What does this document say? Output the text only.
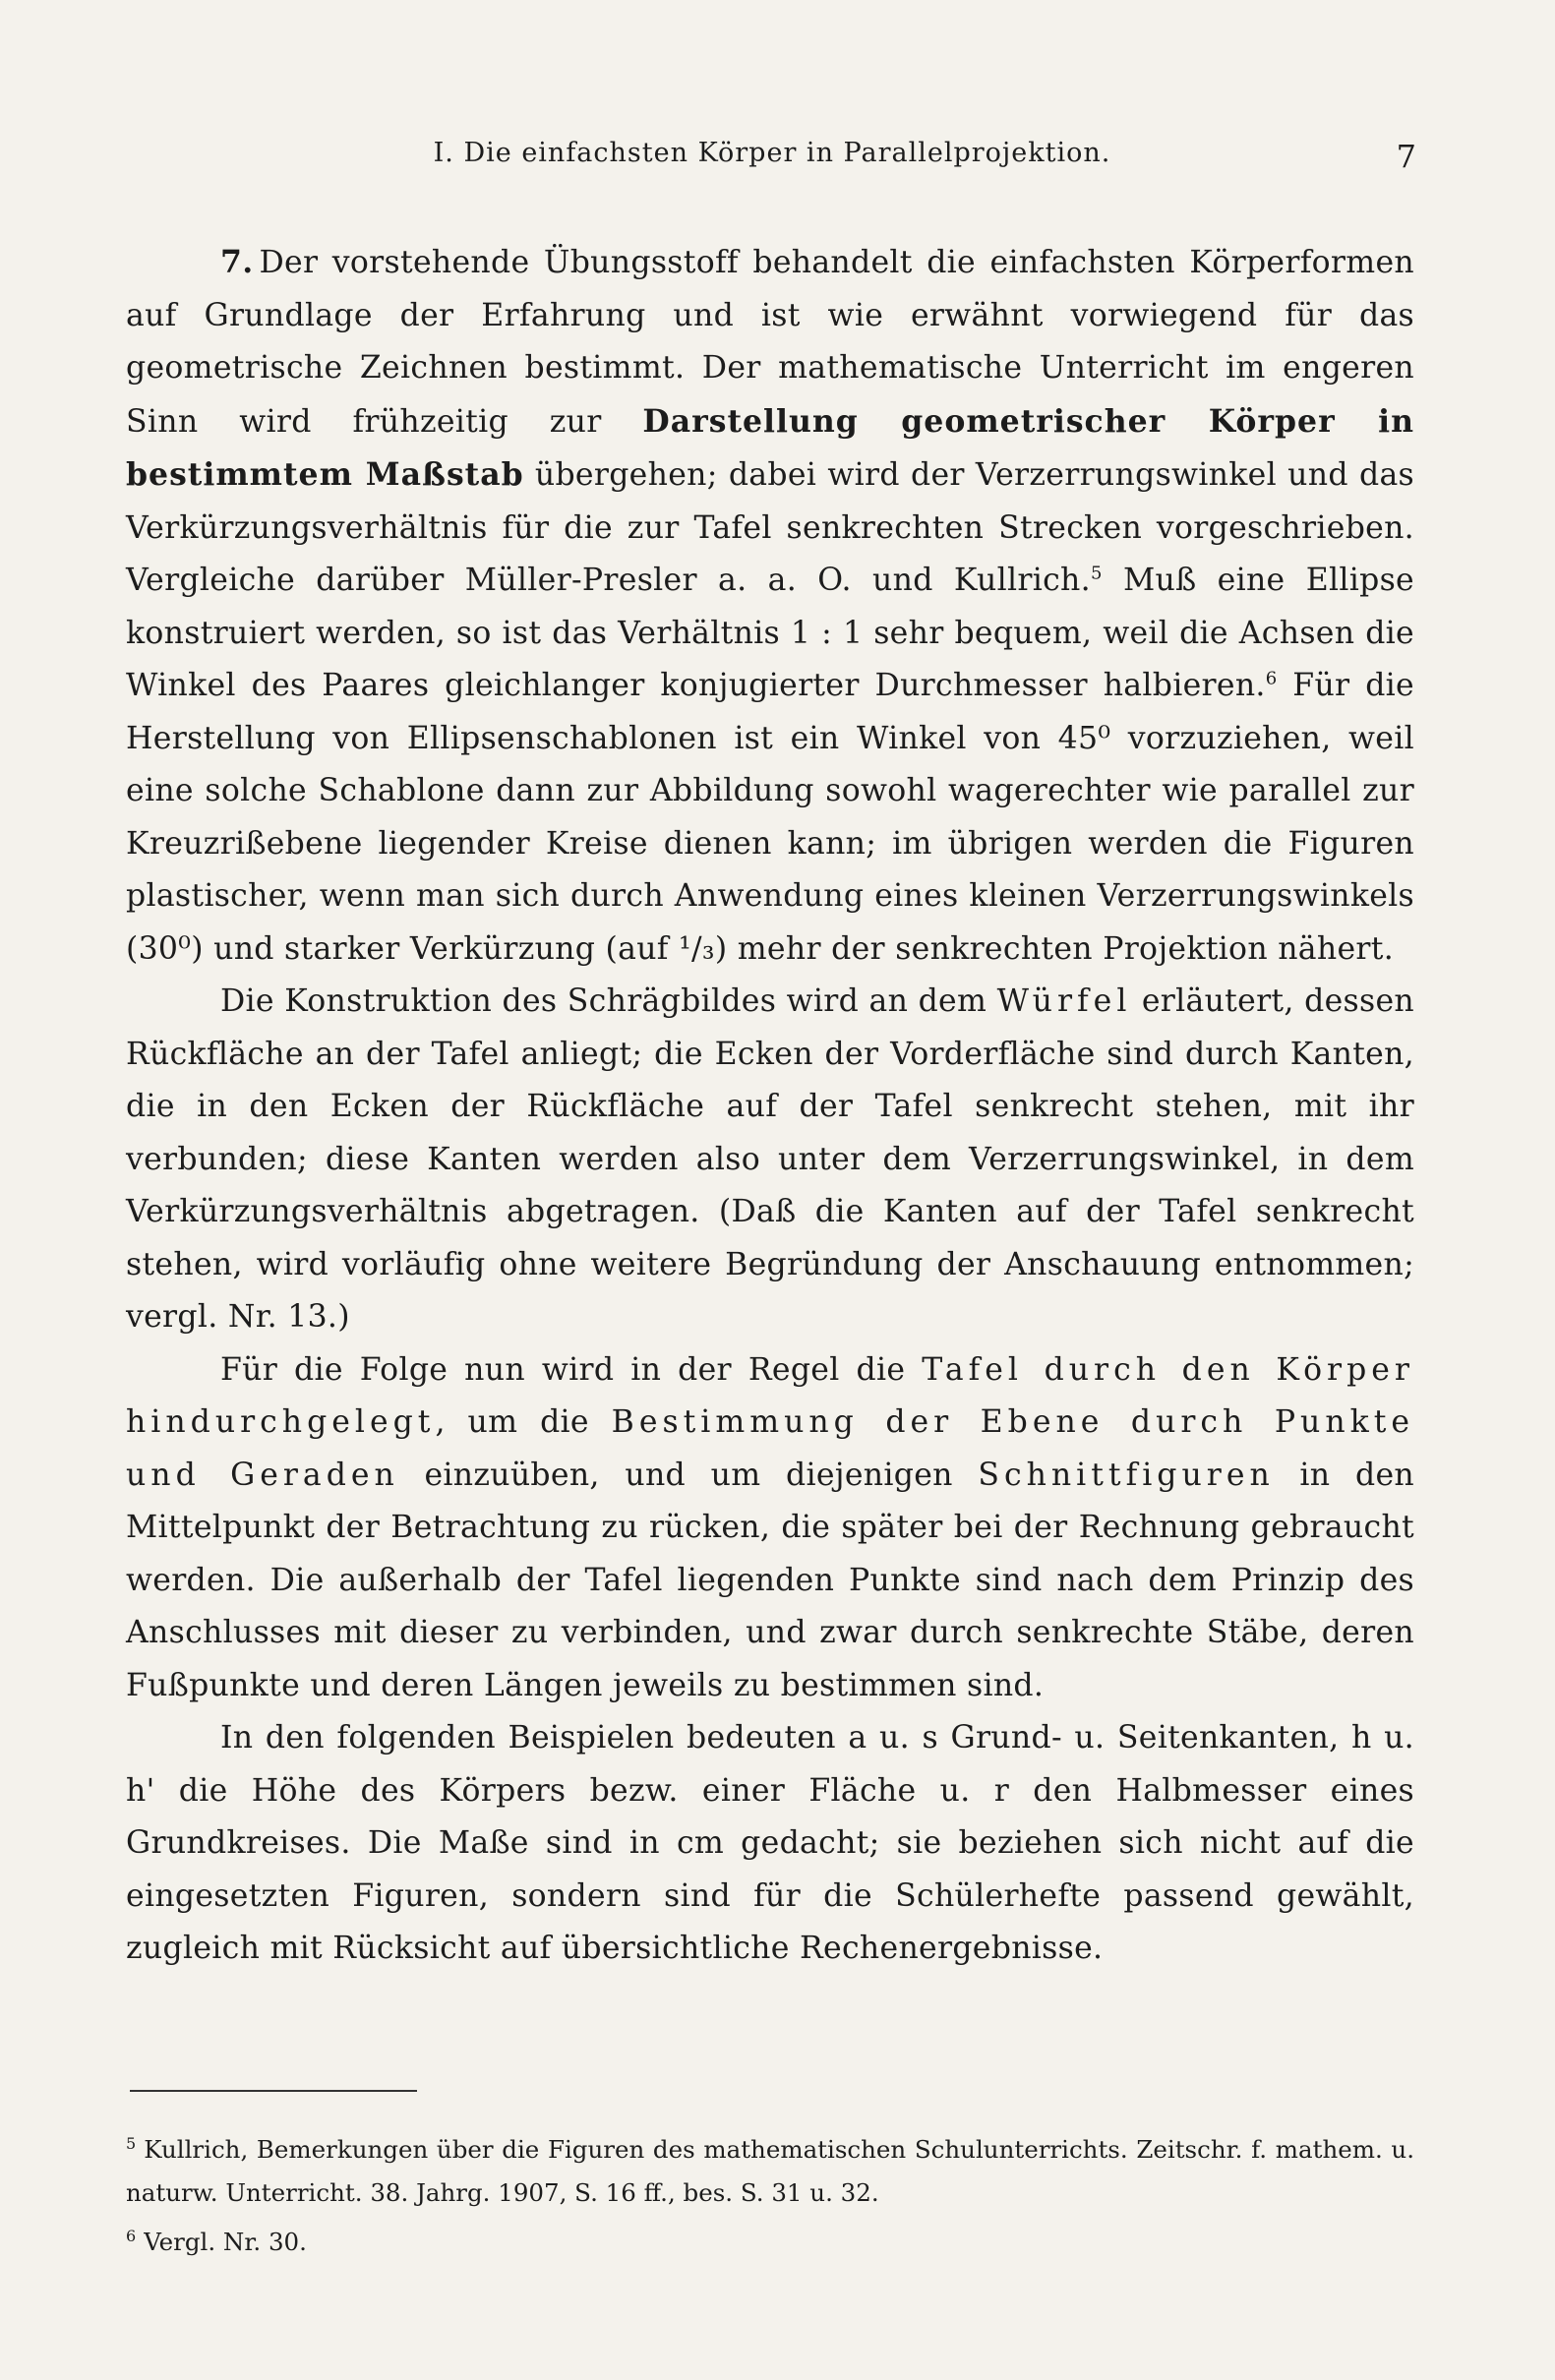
I. Die einfachsten Körper in Parallelprojektion.	7

7. Der vorstehende Übungsstoff behandelt die einfachsten Körperformen auf Grundlage der Erfahrung und ist wie erwähnt vorwiegend für das geometrische Zeichnen bestimmt. Der mathematische Unterricht im engeren Sinn wird frühzeitig zur Darstellung geometrischer Körper in bestimmtem Maßstab übergehen; dabei wird der Verzerrungswinkel und das Verkürzungsverhältnis für die zur Tafel senkrechten Strecken vorgeschrieben. Vergleiche darüber Müller-Presler a. a. O. und Kullrich.$^5$ Muß eine Ellipse konstruiert werden, so ist das Verhältnis 1 : 1 sehr bequem, weil die Achsen die Winkel des Paares gleichlanger konjugierter Durchmesser halbieren.$^6$ Für die Herstellung von Ellipsenschablonen ist ein Winkel von 45⁰ vorzuziehen, weil eine solche Schablone dann zur Abbildung sowohl wagerechter wie parallel zur Kreuzrißebene liegender Kreise dienen kann; im übrigen werden die Figuren plastischer, wenn man sich durch Anwendung eines kleinen Verzerrungswinkels (30⁰) und starker Verkürzung (auf ¹/₃) mehr der senkrechten Projektion nähert.

Die Konstruktion des Schrägbildes wird an dem Würfel erläutert, dessen Rückfläche an der Tafel anliegt; die Ecken der Vorderfläche sind durch Kanten, die in den Ecken der Rückfläche auf der Tafel senkrecht stehen, mit ihr verbunden; diese Kanten werden also unter dem Verzerrungswinkel, in dem Verkürzungsverhältnis abgetragen. (Daß die Kanten auf der Tafel senkrecht stehen, wird vorläufig ohne weitere Begründung der Anschauung entnommen; vergl. Nr. 13.)

Für die Folge nun wird in der Regel die Tafel durch den Körper hindurchgelegt, um die Bestimmung der Ebene durch Punkte und Geraden einzuüben, und um diejenigen Schnittfiguren in den Mittelpunkt der Betrachtung zu rücken, die später bei der Rechnung gebraucht werden. Die außerhalb der Tafel liegenden Punkte sind nach dem Prinzip des Anschlusses mit dieser zu verbinden, und zwar durch senkrechte Stäbe, deren Fußpunkte und deren Längen jeweils zu bestimmen sind.

In den folgenden Beispielen bedeuten a u. s Grund- u. Seitenkanten, h u. h' die Höhe des Körpers bezw. einer Fläche u. r den Halbmesser eines Grundkreises. Die Maße sind in cm gedacht; sie beziehen sich nicht auf die eingesetzten Figuren, sondern sind für die Schülerhefte passend gewählt, zugleich mit Rücksicht auf übersichtliche Rechenergebnisse.

$^5$ Kullrich, Bemerkungen über die Figuren des mathematischen Schulunterrichts. Zeitschr. f. mathem. u. naturw. Unterricht. 38. Jahrg. 1907, S. 16 ff., bes. S. 31 u. 32.

$^6$ Vergl. Nr. 30.
